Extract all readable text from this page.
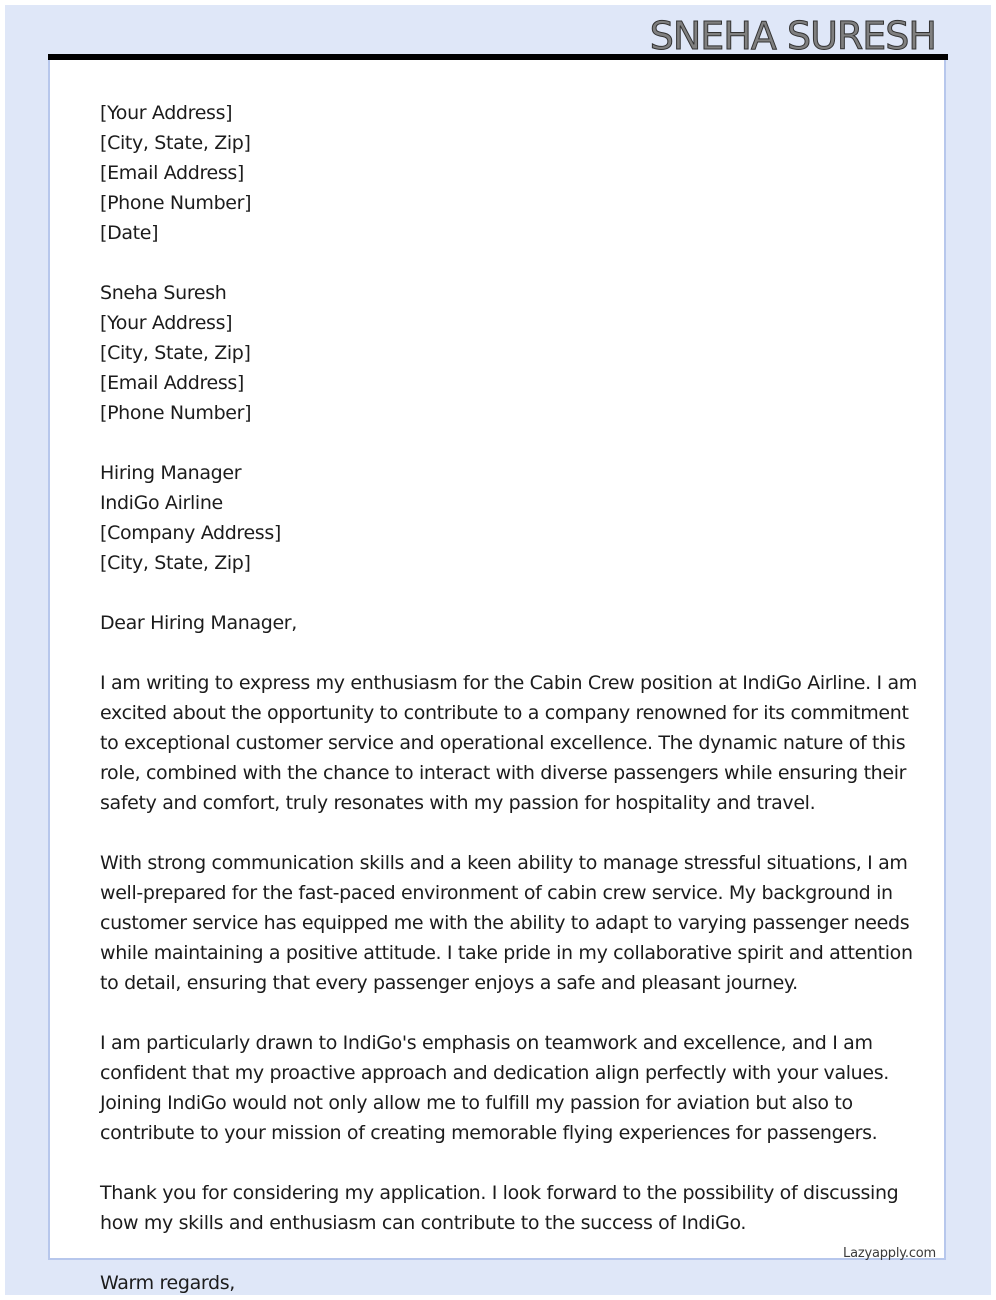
SNEHA SURESH
[Your Address]
[City, State, Zip]
[Email Address]
[Phone Number]
[Date]
Sneha Suresh
[Your Address]
[City, State, Zip]
[Email Address]
[Phone Number]
Hiring Manager
IndiGo Airline
[Company Address]
[City, State, Zip]
Dear Hiring Manager,
I am writing to express my enthusiasm for the Cabin Crew position at IndiGo Airline. I am
excited about the opportunity to contribute to a company renowned for its commitment
to exceptional customer service and operational excellence. The dynamic nature of this
role, combined with the chance to interact with diverse passengers while ensuring their
safety and comfort, truly resonates with my passion for hospitality and travel.
With strong communication skills and a keen ability to manage stressful situations, I am
well-prepared for the fast-paced environment of cabin crew service. My background in
customer service has equipped me with the ability to adapt to varying passenger needs
while maintaining a positive attitude. I take pride in my collaborative spirit and attention
to detail, ensuring that every passenger enjoys a safe and pleasant journey.
I am particularly drawn to IndiGo's emphasis on teamwork and excellence, and I am
confident that my proactive approach and dedication align perfectly with your values.
Joining IndiGo would not only allow me to fulfill my passion for aviation but also to
contribute to your mission of creating memorable flying experiences for passengers.
Thank you for considering my application. I look forward to the possibility of discussing
how my skills and enthusiasm can contribute to the success of IndiGo.
Warm regards,
Lazyapply.com
